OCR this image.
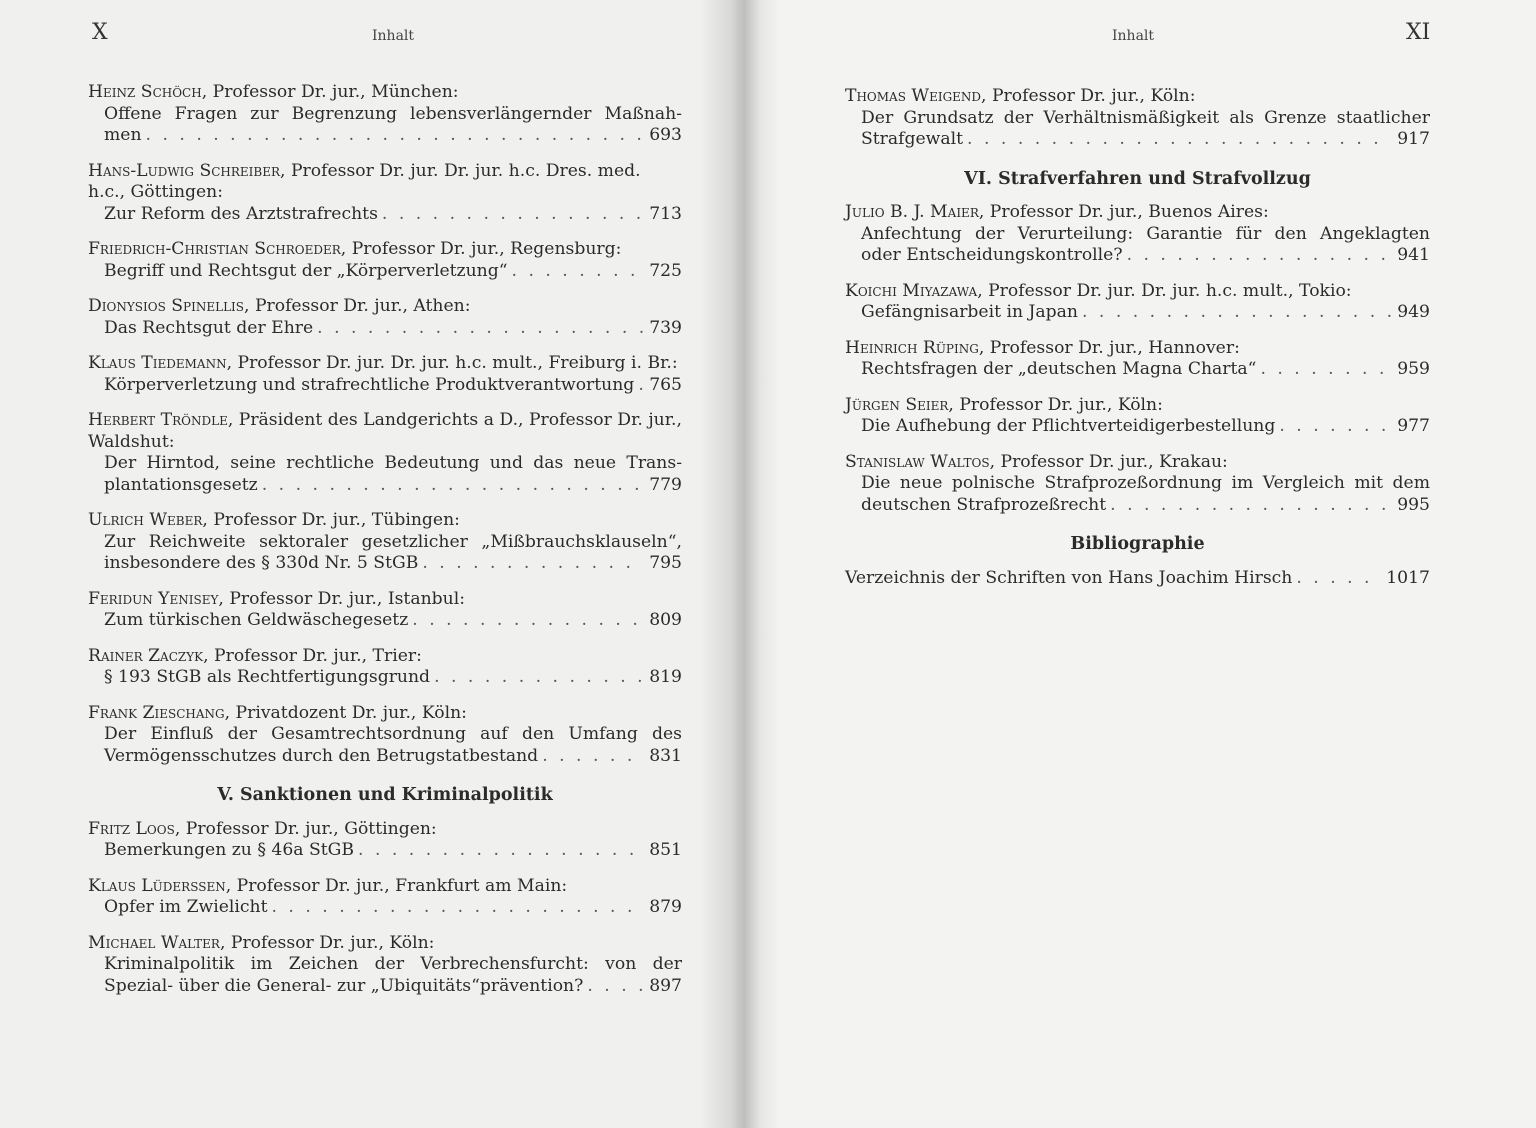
X	Inhalt
Heinz Schöch, Professor Dr. jur., München:
Offene Fragen zur Begrenzung lebensverlängernder Maßnah-
men . . .	693
Hans-Ludwig Schreiber, Professor Dr. jur. Dr. jur. h.c. Dres. med. h.c., Göttingen:
Zur Reform des Arztstrafrechts . . .	713
Friedrich-Christian Schroeder, Professor Dr. jur., Regensburg:
Begriff und Rechtsgut der „Körperverletzung“ . . .	725
Dionysios Spinellis, Professor Dr. jur., Athen:
Das Rechtsgut der Ehre . . .	739
Klaus Tiedemann, Professor Dr. jur. Dr. jur. h.c. mult., Freiburg i. Br.:
Körperverletzung und strafrechtliche Produktverantwortung . . . 765
Herbert Tröndle, Präsident des Landgerichts a D., Professor Dr. jur., Waldshut:
Der Hirntod, seine rechtliche Bedeutung und das neue Trans-
plantationsgesetz . . .	779
Ulrich Weber, Professor Dr. jur., Tübingen:
Zur Reichweite sektoraler gesetzlicher „Mißbrauchsklauseln“,
insbesondere des § 330d Nr. 5 StGB . . .	795
Feridun Yenisey, Professor Dr. jur., Istanbul:
Zum türkischen Geldwäschegesetz . . .	809
Rainer Zaczyk, Professor Dr. jur., Trier:
§ 193 StGB als Rechtfertigungsgrund . . .	819
Frank Zieschang, Privatdozent Dr. jur., Köln:
Der Einfluß der Gesamtrechtsordnung auf den Umfang des
Vermögensschutzes durch den Betrugstatbestand . . .	831
V. Sanktionen und Kriminalpolitik
Fritz Loos, Professor Dr. jur., Göttingen:
Bemerkungen zu § 46a StGB . . .	851
Klaus Lüderssen, Professor Dr. jur., Frankfurt am Main:
Opfer im Zwielicht . . .	879
Michael Walter, Professor Dr. jur., Köln:
Kriminalpolitik im Zeichen der Verbrechensfurcht: von der
Spezial- über die General- zur „Ubiquitäts“prävention? . . .	897
Inhalt	XI
Thomas Weigend, Professor Dr. jur., Köln:
Der Grundsatz der Verhältnismäßigkeit als Grenze staatlicher
Strafgewalt . . .	917
VI. Strafverfahren und Strafvollzug
Julio B. J. Maier, Professor Dr. jur., Buenos Aires:
Anfechtung der Verurteilung: Garantie für den Angeklagten
oder Entscheidungskontrolle? . . .	941
Koichi Miyazawa, Professor Dr. jur. Dr. jur. h.c. mult., Tokio:
Gefängnisarbeit in Japan . . .	949
Heinrich Rüping, Professor Dr. jur., Hannover:
Rechtsfragen der „deutschen Magna Charta“ . . .	959
Jürgen Seier, Professor Dr. jur., Köln:
Die Aufhebung der Pflichtverteidigerbestellung . . .	977
Stanislaw Waltos, Professor Dr. jur., Krakau:
Die neue polnische Strafprozeßordnung im Vergleich mit dem
deutschen Strafprozeßrecht . . .	995
Bibliographie
Verzeichnis der Schriften von Hans Joachim Hirsch . . .	1017
